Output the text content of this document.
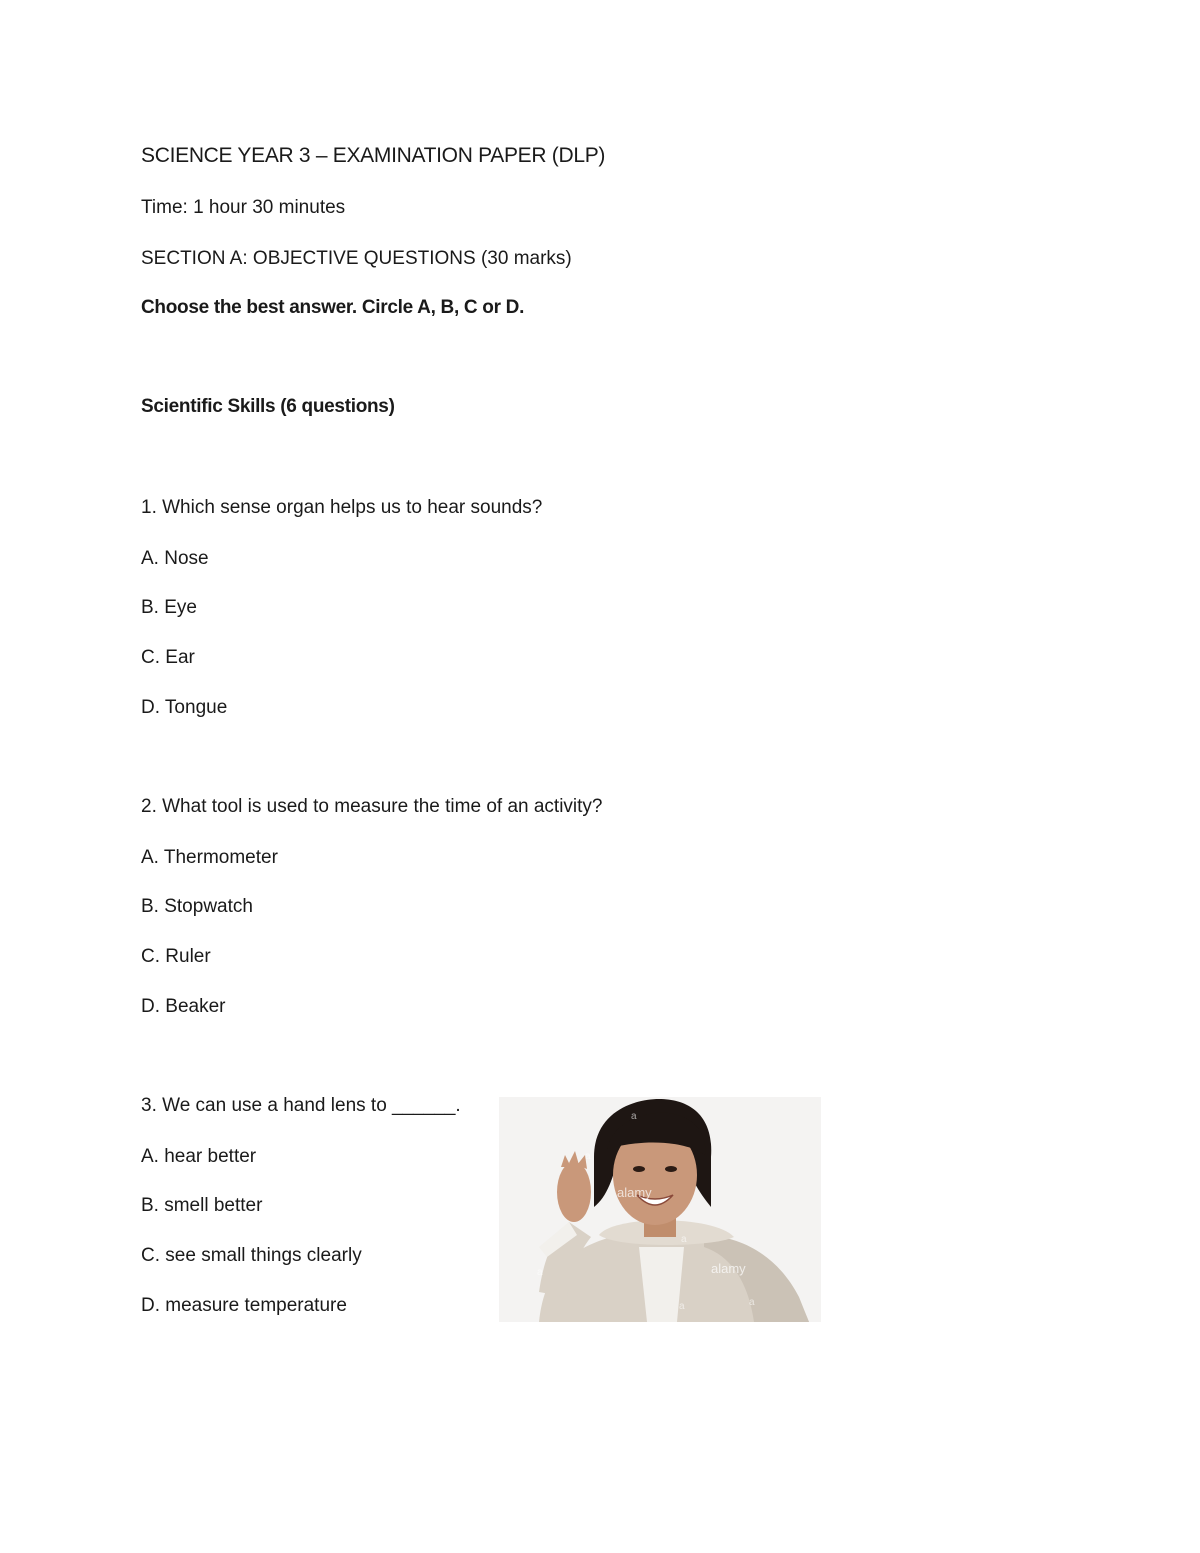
SCIENCE YEAR 3 – EXAMINATION PAPER (DLP)
Time: 1 hour 30 minutes
SECTION A: OBJECTIVE QUESTIONS (30 marks)
Choose the best answer. Circle A, B, C or D.
Scientific Skills (6 questions)
1. Which sense organ helps us to hear sounds?
A. Nose
B. Eye
C. Ear
D. Tongue
2. What tool is used to measure the time of an activity?
A. Thermometer
B. Stopwatch
C. Ruler
D. Beaker
3. We can use a hand lens to ______.
A. hear better
B. smell better
C. see small things clearly
D. measure temperature
alamy
alamy
a
a
a
a
a
a
